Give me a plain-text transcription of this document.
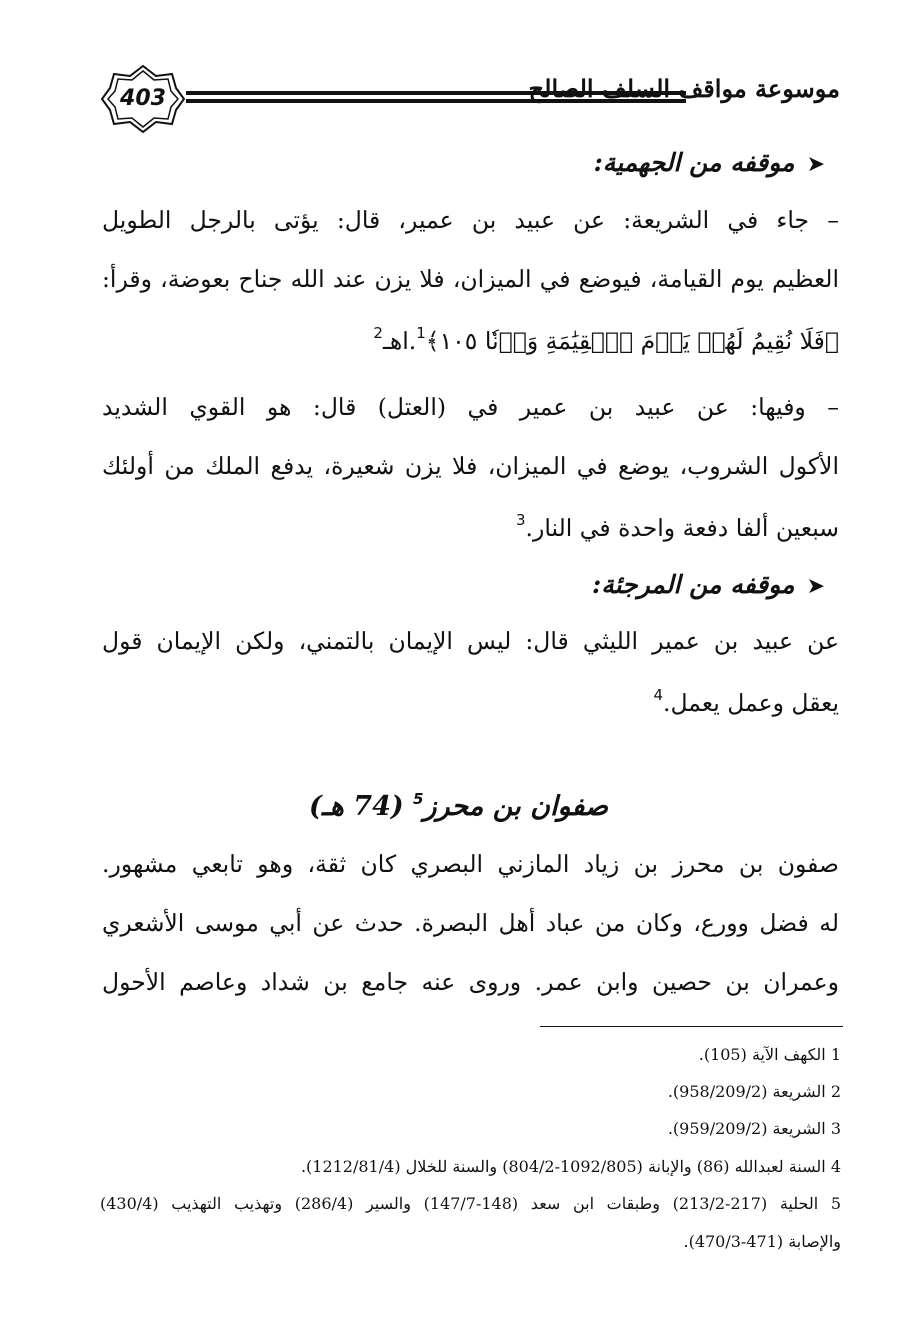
403	موسوعة مواقف السلف الصالح
➤موقفه من الجهمية:
– جاء في الشريعة: عن عبيد بن عمير، قال: يؤتى بالرجل الطويل
العظيم يوم القيامة، فيوضع في الميزان، فلا يزن عند الله جناح بعوضة، وقرأ:
﴿فَلَا نُقِيمُ لَهُمۡ يَوۡمَ ٱلۡقِيَٰمَةِ وَزۡنٗا ١٠٥﴾$^1$.اهـ$^2$
– وفيها: عن عبيد بن عمير في (العتل) قال: هو القوي الشديد
الأكول الشروب، يوضع في الميزان، فلا يزن شعيرة، يدفع الملك من أولئك
سبعين ألفا دفعة واحدة في النار.$^3$
➤موقفه من المرجئة:
عن عبيد بن عمير الليثي قال: ليس الإيمان بالتمني، ولكن الإيمان قول
يعقل وعمل يعمل.$^4$
صفوان بن محرز$^5$ (74 هـ)
صفون بن محرز بن زياد المازني البصري كان ثقة، وهو تابعي مشهور.
له فضل وورع، وكان من عباد أهل البصرة. حدث عن أبي موسى الأشعري
وعمران بن حصين وابن عمر. وروى عنه جامع بن شداد وعاصم الأحول
1 الكهف الآية (105).
2 الشريعة (958/209/2).
3 الشريعة (959/209/2).
4 السنة لعبدالله (86) والإبانة (1092/805-804/2) والسنة للخلال (1212/81/4).
5 الحلية (217-213/2) وطبقات ابن سعد (148-147/7) والسير (286/4) وتهذيب التهذيب (430/4)
والإصابة (471-470/3).
